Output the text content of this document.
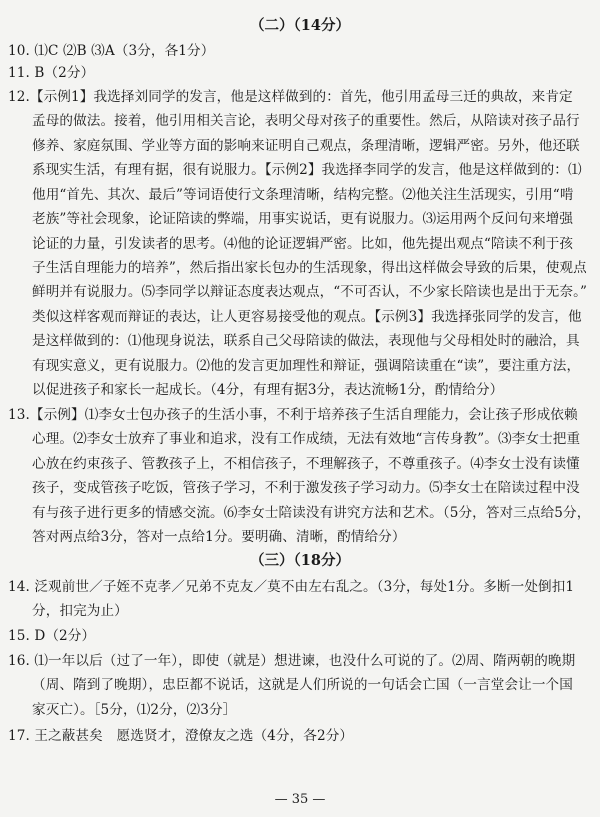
（二）（14分）
10. ⑴C ⑵B ⑶A（3分，各1分）
11. B（2分）
12.【示例1】我选择刘同学的发言，他是这样做到的：首先，他引用孟母三迁的典故，来肯定
孟母的做法。接着，他引用相关言论，表明父母对孩子的重要性。然后，从陪读对孩子品行
修养、家庭氛围、学业等方面的影响来证明自己观点，条理清晰，逻辑严密。另外，他还联
系现实生活，有理有据，很有说服力。【示例2】我选择李同学的发言，他是这样做到的：⑴
他用“首先、其次、最后”等词语使行文条理清晰，结构完整。⑵他关注生活现实，引用“啃
老族”等社会现象，论证陪读的弊端，用事实说话，更有说服力。⑶运用两个反问句来增强
论证的力量，引发读者的思考。⑷他的论证逻辑严密。比如，他先提出观点“陪读不利于孩
子生活自理能力的培养”，然后指出家长包办的生活现象，得出这样做会导致的后果，使观点
鲜明并有说服力。⑸李同学以辩证态度表达观点，“不可否认，不少家长陪读也是出于无奈。”
类似这样客观而辩证的表达，让人更容易接受他的观点。【示例3】我选择张同学的发言，他
是这样做到的：⑴他现身说法，联系自己父母陪读的做法，表现他与父母相处时的融洽，具
有现实意义，更有说服力。⑵他的发言更加理性和辩证，强调陪读重在“读”，要注重方法，
以促进孩子和家长一起成长。（4分，有理有据3分，表达流畅1分，酌情给分）
13.【示例】⑴李女士包办孩子的生活小事，不利于培养孩子生活自理能力，会让孩子形成依赖
心理。⑵李女士放弃了事业和追求，没有工作成绩，无法有效地“言传身教”。⑶李女士把重
心放在约束孩子、管教孩子上，不相信孩子，不理解孩子，不尊重孩子。⑷李女士没有读懂
孩子，变成管孩子吃饭，管孩子学习，不利于激发孩子学习动力。⑸李女士在陪读过程中没
有与孩子进行更多的情感交流。⑹李女士陪读没有讲究方法和艺术。（5分，答对三点给5分，
答对两点给3分，答对一点给1分。要明确、清晰，酌情给分）
（三）（18分）
14. 泛观前世／子姪不克孝／兄弟不克友／莫不由左右乱之。（3分，每处1分。多断一处倒扣1
分，扣完为止）
15. D（2分）
16. ⑴一年以后（过了一年），即使（就是）想进谏，也没什么可说的了。⑵周、隋两朝的晚期
（周、隋到了晚期），忠臣都不说话，这就是人们所说的一句话会亡国（一言堂会让一个国
家灭亡）。［5分，⑴2分，⑵3分］
17. 王之蔽甚矣　愿选贤才，澄僚友之选（4分，各2分）
— 35 —
